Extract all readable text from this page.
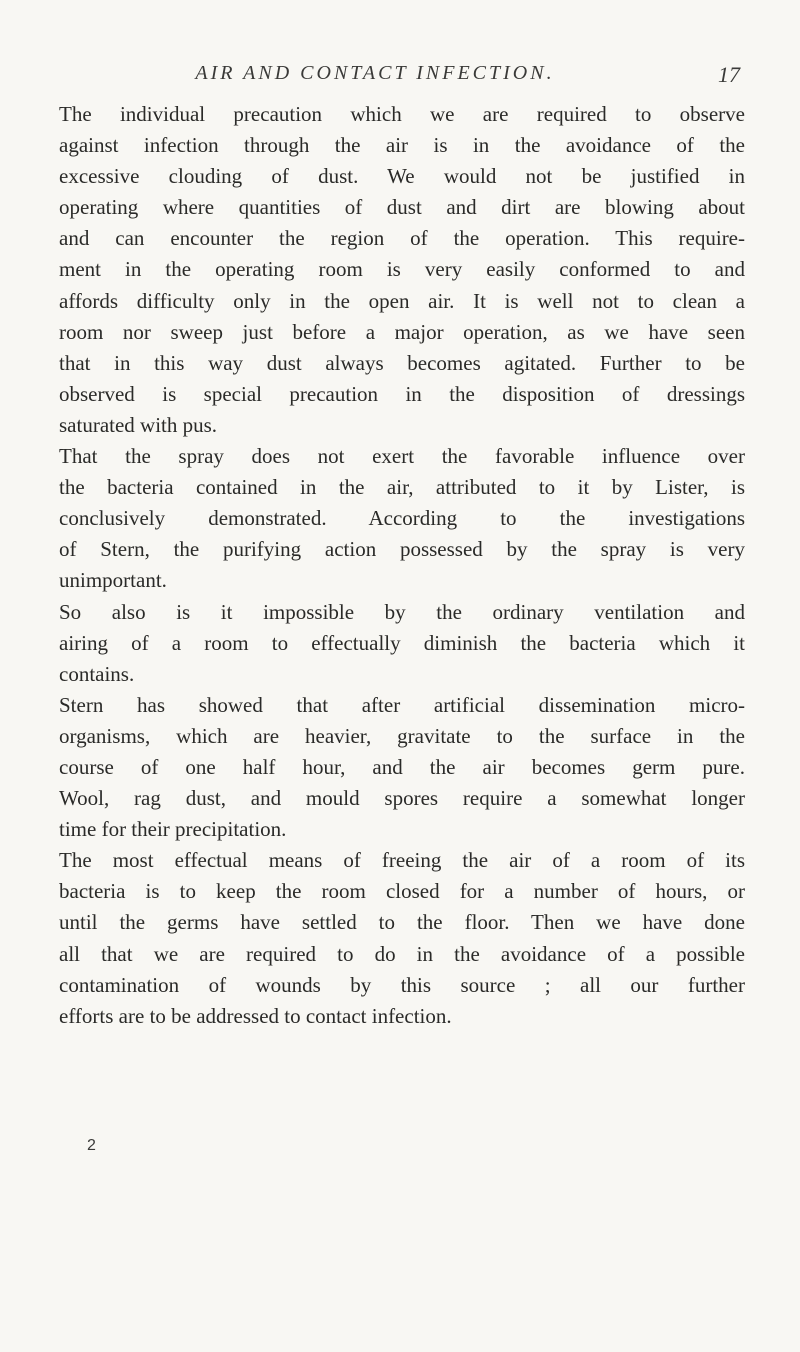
AIR AND CONTACT INFECTION.	17
The individual precaution which we are required to observe
against infection through the air is in the avoidance of the
excessive clouding of dust. We would not be justified in
operating where quantities of dust and dirt are blowing about
and can encounter the region of the operation. This require-
ment in the operating room is very easily conformed to and
affords difficulty only in the open air. It is well not to clean a
room nor sweep just before a major operation, as we have seen
that in this way dust always becomes agitated. Further to be
observed is special precaution in the disposition of dressings
saturated with pus.
That the spray does not exert the favorable influence over
the bacteria contained in the air, attributed to it by Lister, is
conclusively demonstrated. According to the investigations
of Stern, the purifying action possessed by the spray is very
unimportant.
So also is it impossible by the ordinary ventilation and
airing of a room to effectually diminish the bacteria which it
contains.
Stern has showed that after artificial dissemination micro-
organisms, which are heavier, gravitate to the surface in the
course of one half hour, and the air becomes germ pure.
Wool, rag dust, and mould spores require a somewhat longer
time for their precipitation.
The most effectual means of freeing the air of a room of its
bacteria is to keep the room closed for a number of hours, or
until the germs have settled to the floor. Then we have done
all that we are required to do in the avoidance of a possible
contamination of wounds by this source ; all our further
efforts are to be addressed to contact infection.
2
